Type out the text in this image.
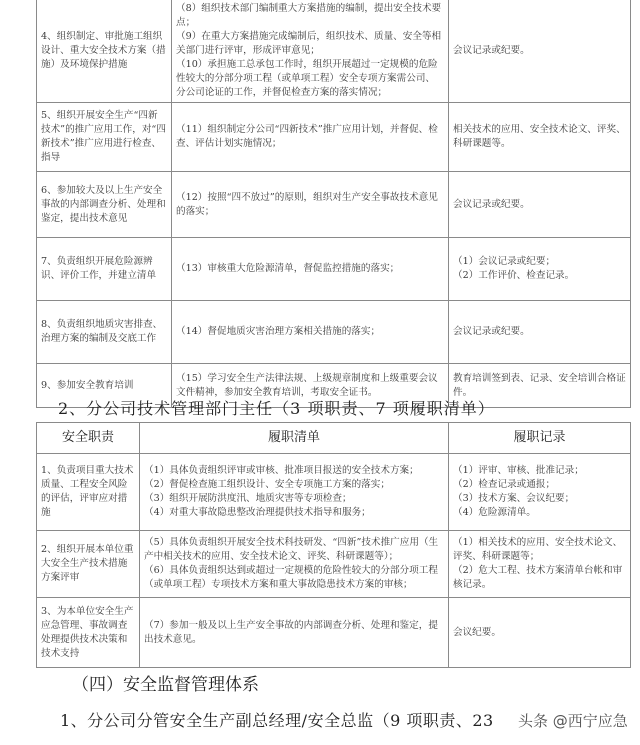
4、组织制定、审批施工组织设计、重大安全技术方案（措施）及环境保护措施	（8）组织技术部门编制重大方案措施的编制，提出安全技术要点；
（9）在重大方案措施完成编制后，组织技术、质量、安全等相关部门进行评审，形成评审意见；
（10）承担施工总承包工作时，组织开展超过一定规模的危险性较大的分部分项工程（或单项工程）安全专项方案需公司、分公司论证的工作，并督促检查方案的落实情况；	会议记录或纪要。

5、组织开展安全生产“四新技术”的推广应用工作，对“四新技术”推广应用进行检查、指导	（11）组织制定分公司“四新技术”推广应用计划，并督促、检查、评估计划实施情况；	相关技术的应用、安全技术论文、评奖、科研课题等。

6、参加较大及以上生产安全事故的内部调查分析、处理和鉴定，提出技术意见	（12）按照“四不放过”的原则，组织对生产安全事故技术意见的落实；	会议记录或纪要。

7、负责组织开展危险源辨识、评价工作，并建立清单	（13）审核重大危险源清单，督促监控措施的落实；	（1）会议记录或纪要；
（2）工作评价、检查记录。

8、负责组织地质灾害排查、治理方案的编制及交底工作	（14）督促地质灾害治理方案相关措施的落实；	会议记录或纪要。

9、参加安全教育培训	（15）学习安全生产法律法规、上级规章制度和上级重要会议文件精神，参加安全教育培训，考取安全证书。	教育培训签到表、记录、安全培训合格证件。
2、分公司技术管理部门主任（3 项职责、7 项履职清单）
安全职责	履职清单	履职记录
1、负责项目重大技术质量、工程安全风险的评估，评审应对措施	（1）具体负责组织评审或审核、批准项目报送的安全技术方案；
（2）督促检查施工组织设计、安全专项施工方案的落实；
（3）组织开展防洪度汛、地质灾害等专项检查；
（4）对重大事故隐患整改治理提供技术指导和服务；	（1）评审、审核、批准记录；
（2）检查记录或通报；
（3）技术方案、会议纪要；
（4）危险源清单。

2、组织开展本单位重大安全生产技术措施方案评审	（5）具体负责组织开展安全技术科技研发、“四新”技术推广应用（生产中相关技术的应用、安全技术论文、评奖、科研课题等）；
（6）具体负责组织达到或超过一定规模的危险性较大的分部分项工程（或单项工程）专项技术方案和重大事故隐患技术方案的审核；	（1）相关技术的应用、安全技术论文、评奖、科研课题等；
（2）危大工程、技术方案清单台帐和审核记录。

3、为本单位安全生产应急管理、事故调查处理提供技术决策和技术支持	（7）参加一般及以上生产安全事故的内部调查分析、处理和鉴定，提出技术意见。	会议纪要。
（四）安全监督管理体系
1、分公司分管安全生产副总经理/安全总监（9 项职责、23 头条 @西宁应急
